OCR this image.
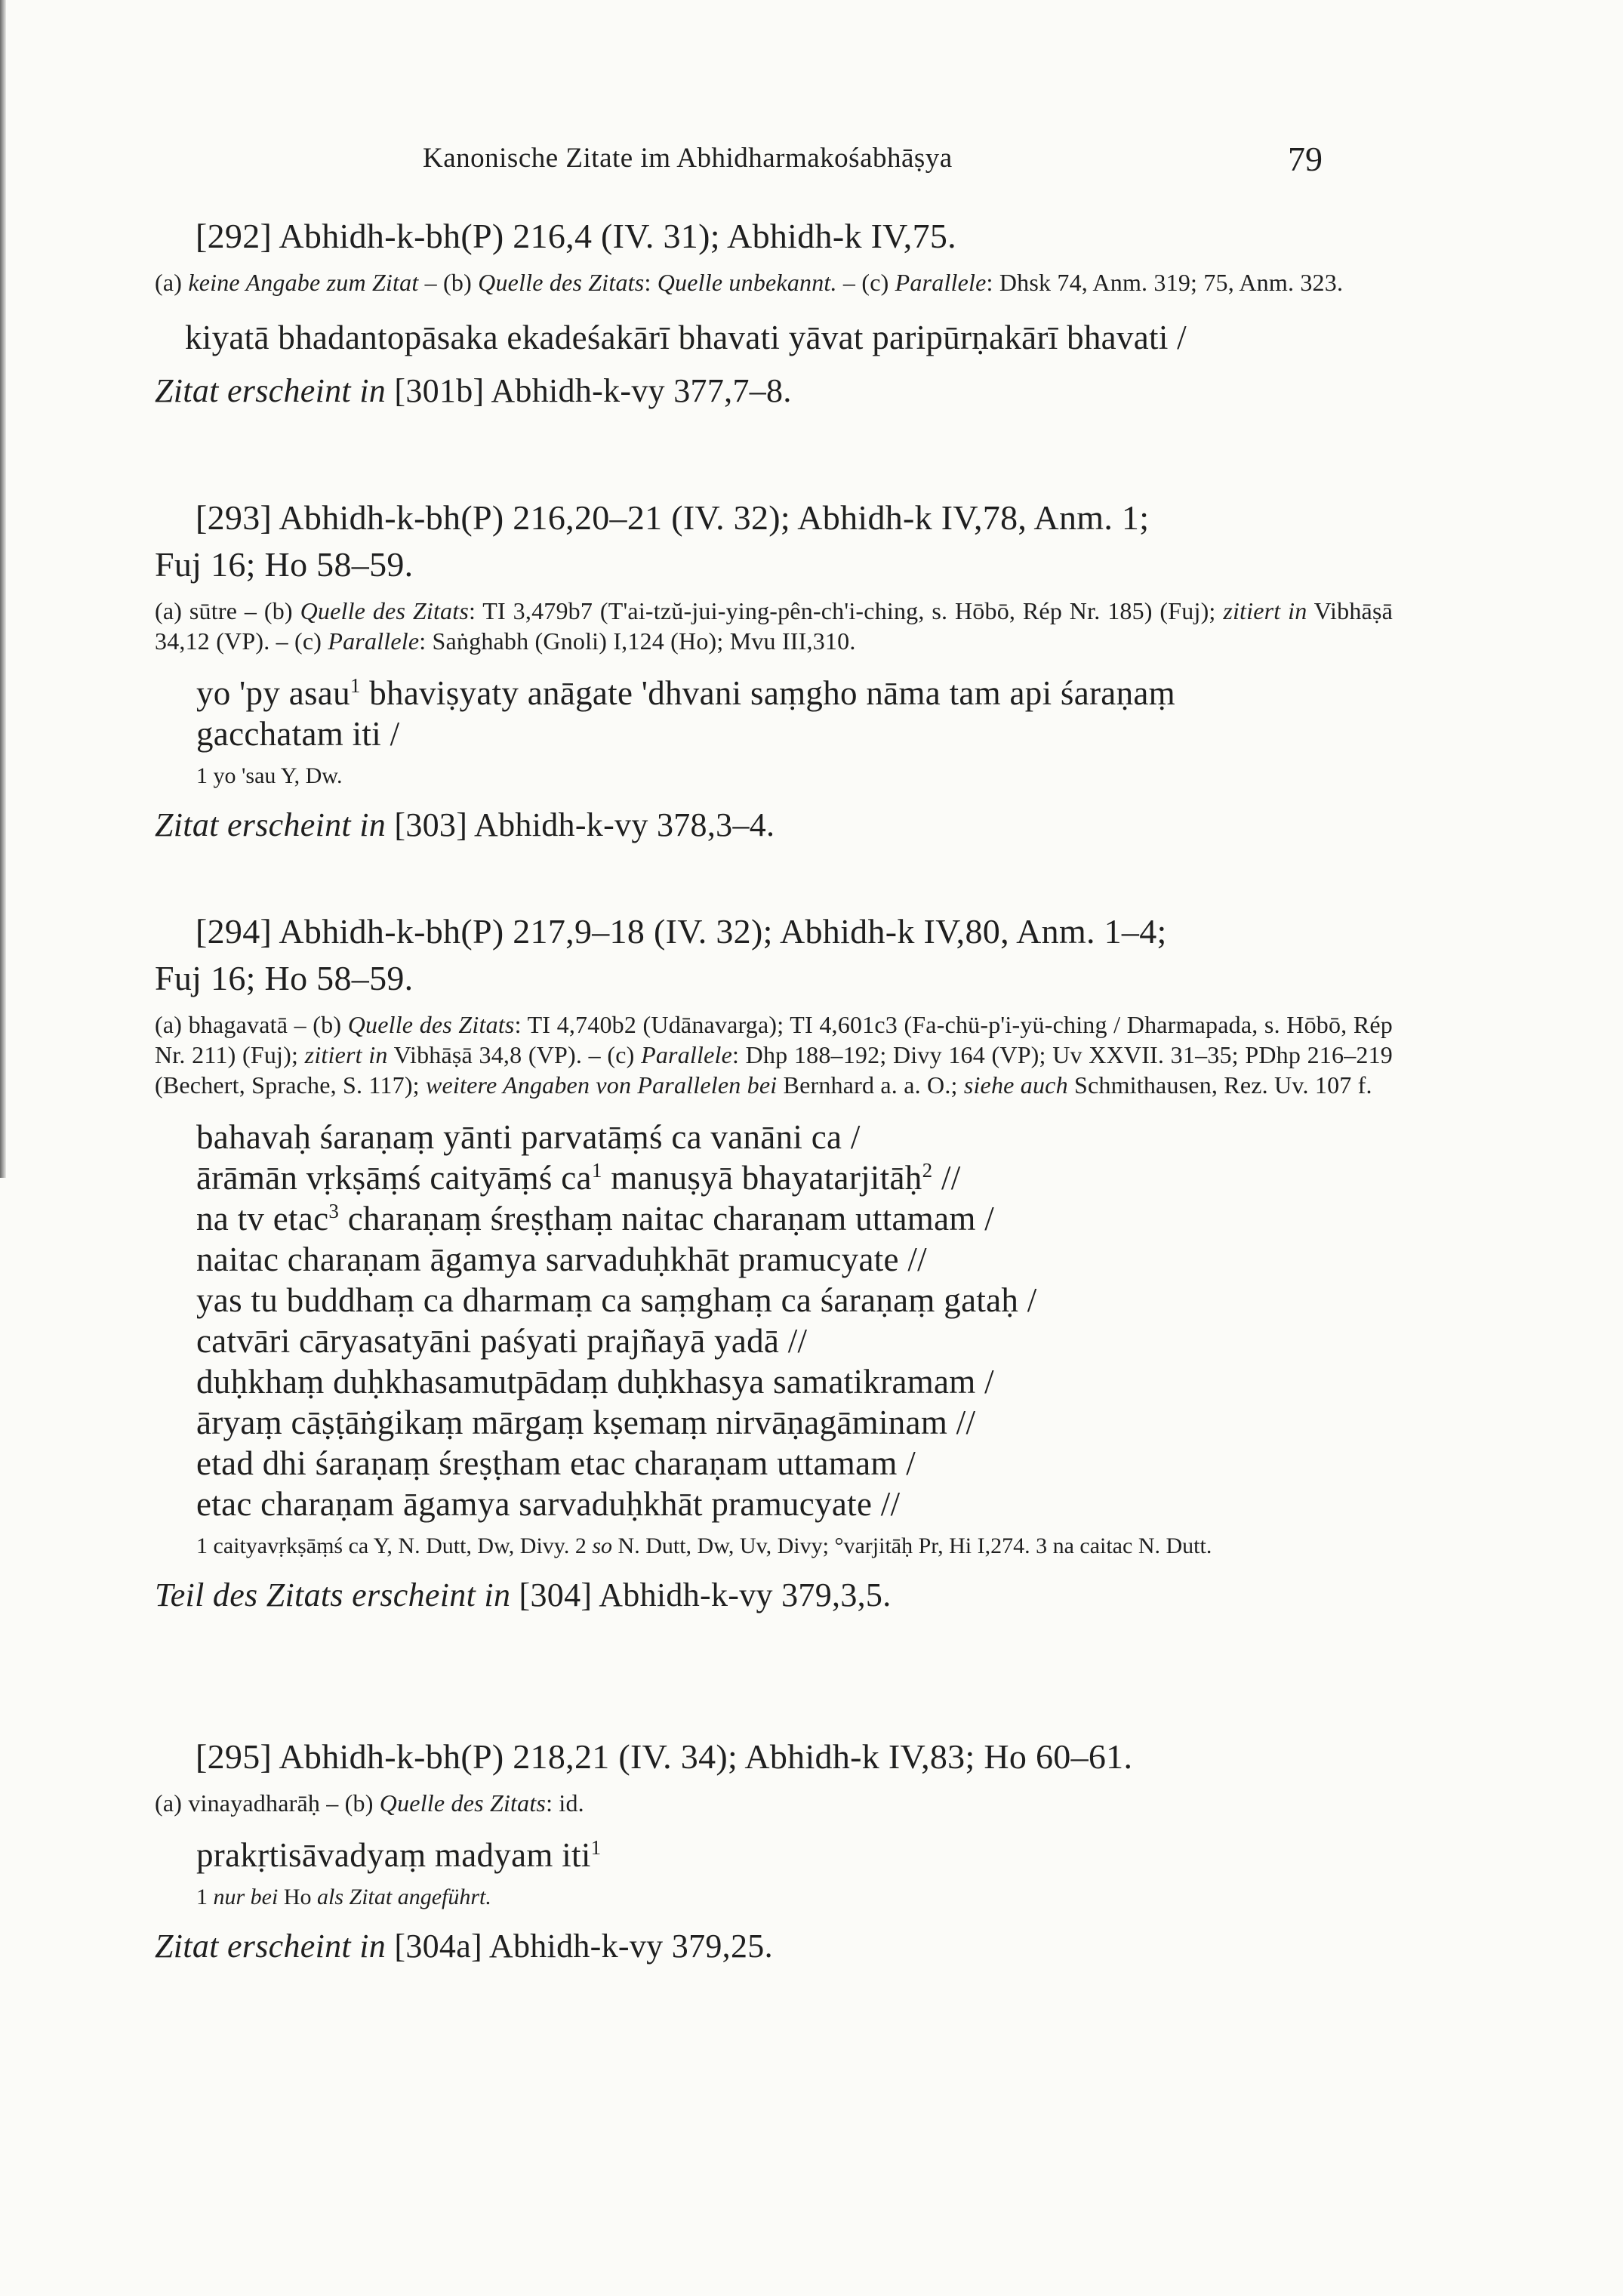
Kanonische Zitate im Abhidharmakośabhāṣya	79

[292] Abhidh-k-bh(P) 216,4 (IV. 31); Abhidh-k IV,75.

(a) keine Angabe zum Zitat – (b) Quelle des Zitats: Quelle unbekannt. – (c) Parallele: Dhsk 74, Anm. 319; 75, Anm. 323.

kiyatā bhadantopāsaka ekadeśakārī bhavati yāvat paripūrṇakārī bhavati /

Zitat erscheint in [301b] Abhidh-k-vy 377,7–8.

[293] Abhidh-k-bh(P) 216,20–21 (IV. 32); Abhidh-k IV,78, Anm. 1;
Fuj 16; Ho 58–59.

(a) sūtre – (b) Quelle des Zitats: TI 3,479b7 (T'ai-tzŭ-jui-ying-pên-ch'i-ching, s. Hōbō, Rép Nr. 185) (Fuj); zitiert in Vibhāṣā 34,12 (VP). – (c) Parallele: Saṅghabh (Gnoli) I,124 (Ho); Mvu III,310.

yo 'py asau$^1$ bhaviṣyaty anāgate 'dhvani saṃgho nāma tam api śaraṇaṃ
gacchatam iti /

1 yo 'sau Y, Dw.

Zitat erscheint in [303] Abhidh-k-vy 378,3–4.

[294] Abhidh-k-bh(P) 217,9–18 (IV. 32); Abhidh-k IV,80, Anm. 1–4;
Fuj 16; Ho 58–59.

(a) bhagavatā – (b) Quelle des Zitats: TI 4,740b2 (Udānavarga); TI 4,601c3 (Fa-chü-p'i-yü-ching / Dharmapada, s. Hōbō, Rép Nr. 211) (Fuj); zitiert in Vibhāṣā 34,8 (VP). – (c) Parallele: Dhp 188–192; Divy 164 (VP); Uv XXVII. 31–35; PDhp 216–219 (Bechert, Sprache, S. 117); weitere Angaben von Parallelen bei Bernhard a. a. O.; siehe auch Schmithausen, Rez. Uv. 107 f.

bahavaḥ śaraṇaṃ yānti parvatāṃś ca vanāni ca /
ārāmān vṛkṣāṃś caityāṃś $ca^1$ manuṣyā bhayatarjitāḥ$^2$ //
na tv etac$^3$ charaṇaṃ śreṣṭhaṃ naitac charaṇam uttamam /
naitac charaṇam āgamya sarvaduḥkhāt pramucyate //
yas tu buddhaṃ ca dharmaṃ ca saṃghaṃ ca śaraṇaṃ gataḥ /
catvāri cāryasatyāni paśyati prajñayā yadā //
duḥkhaṃ duḥkhasamutpādaṃ duḥkhasya samatikramam /
āryaṃ cāṣṭāṅgikaṃ mārgaṃ kṣemaṃ nirvāṇagāminam //
etad dhi śaraṇaṃ śreṣṭham etac charaṇam uttamam /
etac charaṇam āgamya sarvaduḥkhāt pramucyate //

1 caityavṛkṣāṃś ca Y, N. Dutt, Dw, Divy. 2 so N. Dutt, Dw, Uv, Divy; °varjitāḥ Pr, Hi I,274. 3 na caitac N. Dutt.

Teil des Zitats erscheint in [304] Abhidh-k-vy 379,3,5.

[295] Abhidh-k-bh(P) 218,21 (IV. 34); Abhidh-k IV,83; Ho 60–61.

(a) vinayadharāḥ – (b) Quelle des Zitats: id.

prakṛtisāvadyaṃ madyam iti$^1$

1 nur bei Ho als Zitat angeführt.

Zitat erscheint in [304a] Abhidh-k-vy 379,25.
